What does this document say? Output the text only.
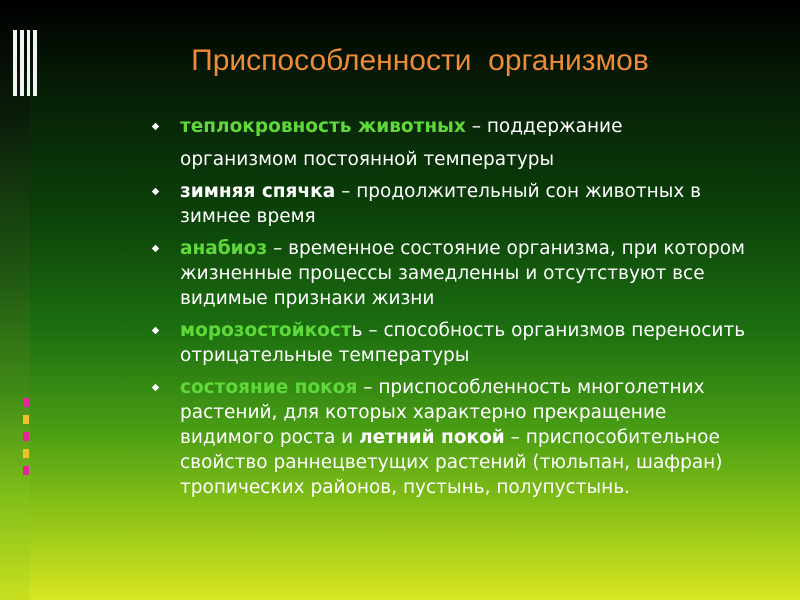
Приспособленности  организмов
теплокровность животных – поддержание
организмом постоянной температуры
зимняя спячка – продолжительный сон животных в зимнее время
анабиоз – временное состояние организма, при котором жизненные процессы замедленны и отсутствуют все видимые признаки жизни
морозостойкость – способность организмов переносить отрицательные температуры
состояние покоя – приспособленность многолетних растений, для которых характерно прекращение видимого роста и летний покой – приспособительное свойство раннецветущих растений (тюльпан, шафран) тропических районов, пустынь, полупустынь.
